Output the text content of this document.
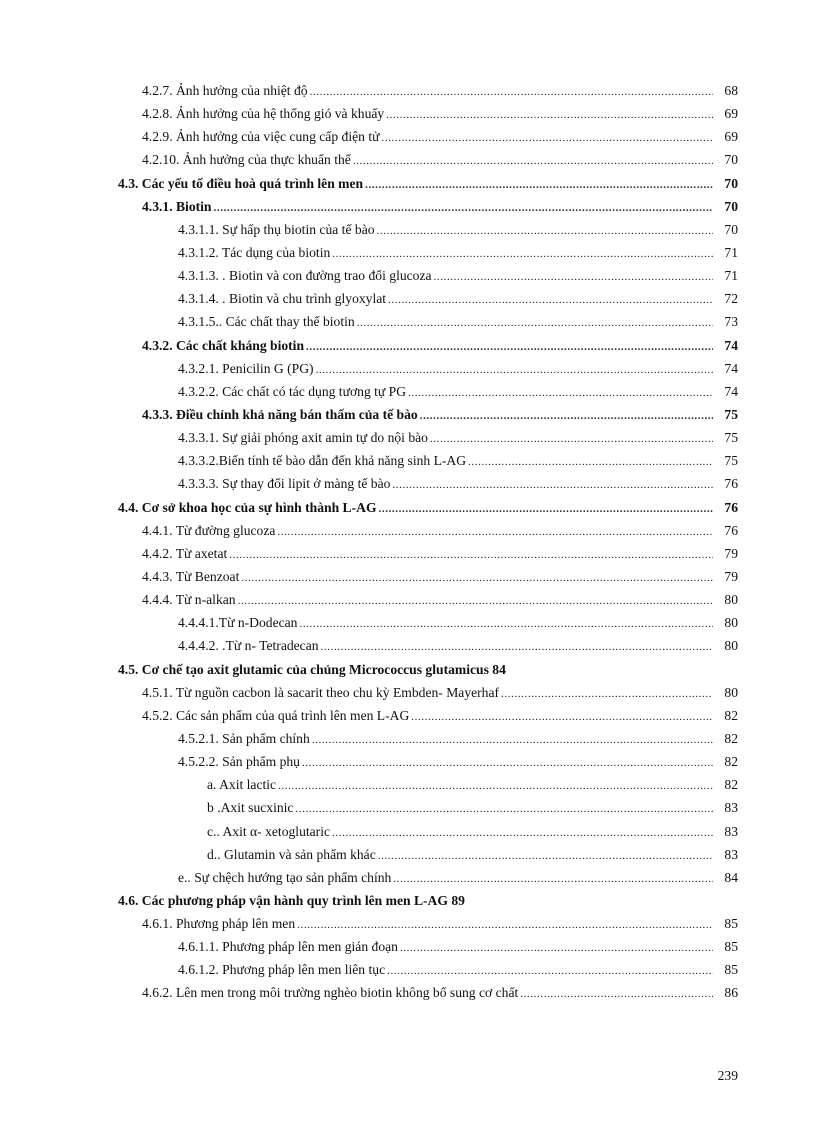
4.2.7. Ảnh hưởng của nhiệt độ .....	68
4.2.8. Ảnh hưởng của hệ thống gió và khuấy .....	69
4.2.9. Ảnh hưởng của việc cung cấp điện tử .....	69
4.2.10. Ảnh hưởng của thực khuẩn thể .....	70
4.3. Các yếu tố điều hoà quá trình lên men .....	70
4.3.1. Biotin .....	70
4.3.1.1. Sự hấp thụ biotin của tế bào .....	70
4.3.1.2. Tác dụng của biotin .....	71
4.3.1.3. . Biotin và con đường trao đổi glucoza .....	71
4.3.1.4. . Biotin và chu trình glyoxylat .....	72
4.3.1.5.. Các chất thay thế biotin .....	73
4.3.2. Các chất kháng biotin .....	74
4.3.2.1. Penicilin G (PG) .....	74
4.3.2.2. Các chất có tác dụng tương tự PG .....	74
4.3.3. Điều chỉnh khả năng bán thấm của tế bào .....	75
4.3.3.1. Sự giải phóng axit amin tự do nội bào .....	75
4.3.3.2.Biến tính tế bào dẫn đến khả năng sinh L-AG .....	75
4.3.3.3. Sự thay đổi lipit ở màng tế bào .....	76
4.4. Cơ sở khoa học của sự hình thành L-AG .....	76
4.4.1. Từ đường glucoza .....	76
4.4.2. Từ axetat .....	79
4.4.3. Từ Benzoat .....	79
4.4.4. Từ n-alkan .....	80
4.4.4.1.Từ n-Dodecan .....	80
4.4.4.2. .Từ n- Tetradecan .....	80
4.5. Cơ chế tạo axit glutamic của chủng Micrococcus glutamicus 84
4.5.1. Từ nguồn cacbon là sacarit theo chu kỳ Embden- Mayerhaf .....	80
4.5.2. Các sản phẩm của quá trình lên men L-AG .....	82
4.5.2.1. Sản phẩm chính .....	82
4.5.2.2. Sản phẩm phụ .....	82
a. Axit lactic .....	82
b .Axit sucxinic .....	83
c.. Axit α- xetoglutaric .....	83
d.. Glutamin và sản phẩm khác .....	83
e.. Sự chệch hướng tạo sản phẩm chính .....	84
4.6. Các phương pháp vận hành quy trình lên men L-AG 89
4.6.1. Phương pháp lên men .....	85
4.6.1.1. Phương pháp lên men gián đoạn .....	85
4.6.1.2. Phương pháp lên men liên tục .....	85
4.6.2. Lên men trong môi trường nghèo biotin không bổ sung cơ chất .....	86
239
